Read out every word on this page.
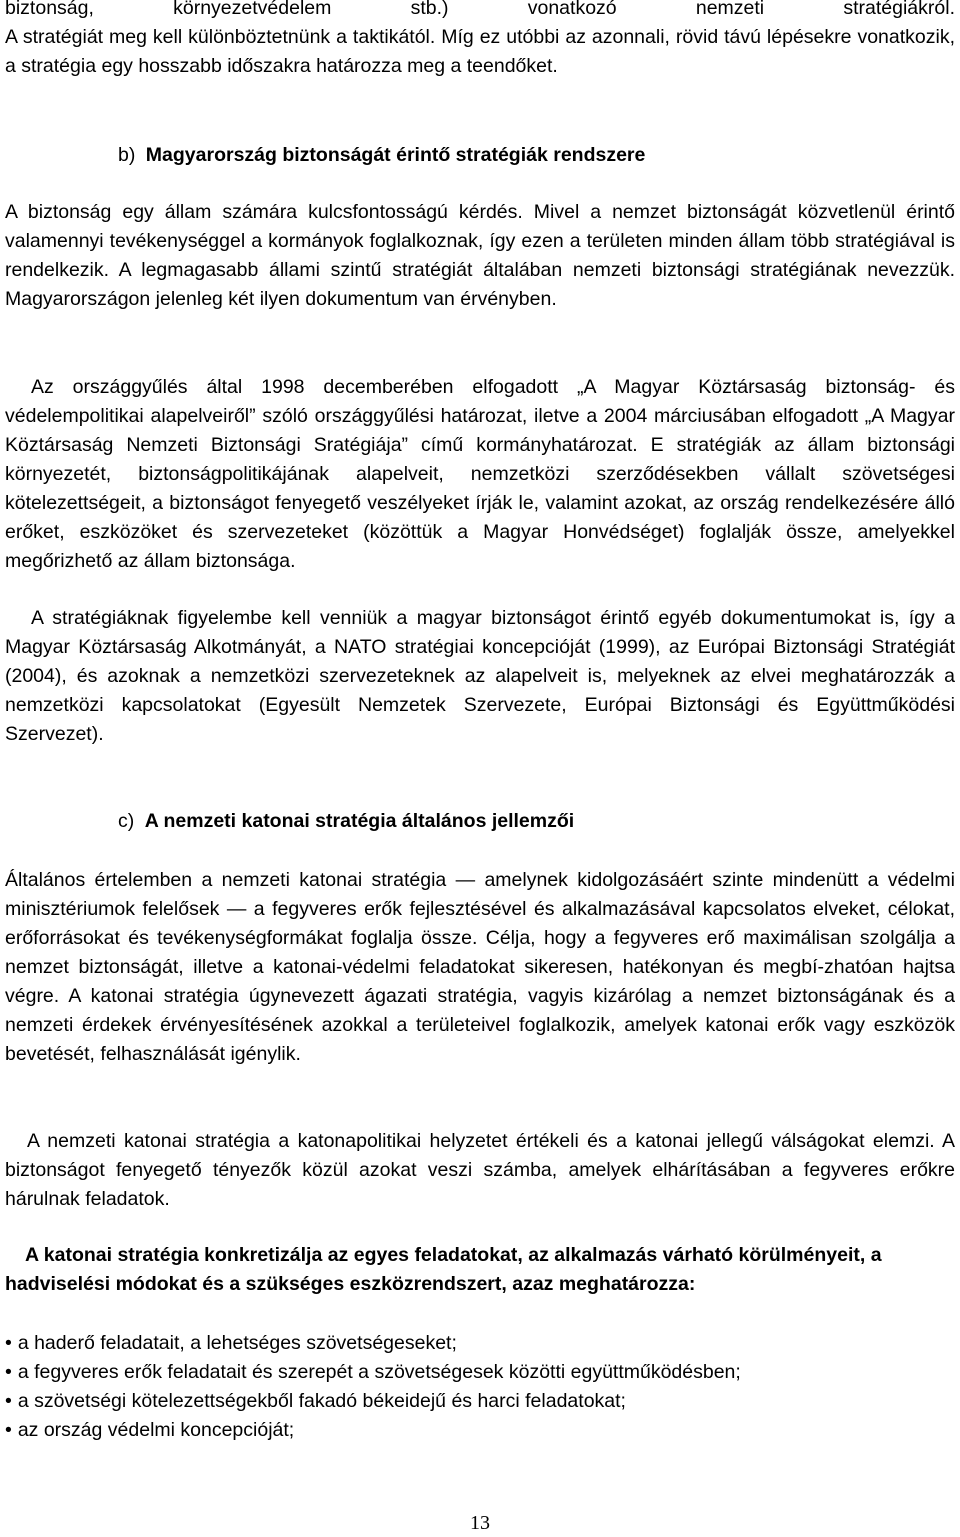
biztonság, környezetvédelem stb.) vonatkozó nemzeti stratégiákról.

A stratégiát meg kell különböztetnünk a taktikától. Míg ez utóbbi az azonnali, rövid távú lépésekre vonatkozik, a stratégia egy hosszabb időszakra határozza meg a teendőket.

b) Magyarország biztonságát érintő stratégiák rendszere

A biztonság egy állam számára kulcsfontosságú kérdés. Mivel a nemzet biztonságát közvetlenül érintő valamennyi tevékenységgel a kormányok foglalkoznak, így ezen a területen minden állam több stratégiával is rendelkezik. A legmagasabb állami szintű stratégiát általában nemzeti biztonsági stratégiának nevezzük. Magyarországon jelenleg két ilyen dokumentum van érvényben.

Az országgyűlés által 1998 decemberében elfogadott „A Magyar Köztársaság biztonság- és védelempolitikai alapelveiről” szóló országgyűlési határozat, iletve a 2004 márciusában elfogadott „A Magyar Köztársaság Nemzeti Biztonsági Sratégiája” című kormányhatározat. E stratégiák az állam biztonsági környezetét, biztonságpolitikájának alapelveit, nemzetközi szerződésekben vállalt szövetségesi kötelezettségeit, a biztonságot fenyegető veszélyeket írják le, valamint azokat, az ország rendelkezésére álló erőket, eszközöket és szervezeteket (közöttük a Magyar Honvédséget) foglalják össze, amelyekkel megőrizhető az állam biztonsága.

A stratégiáknak figyelembe kell venniük a magyar biztonságot érintő egyéb dokumentumokat is, így a Magyar Köztársaság Alkotmányát, a NATO stratégiai koncepcióját (1999), az Európai Biztonsági Stratégiát (2004), és azoknak a nemzetközi szervezeteknek az alapelveit is, melyeknek az elvei meghatározzák a nemzetközi kapcsolatokat (Egyesült Nemzetek Szervezete, Európai Biztonsági és Együttműködési Szervezet).

c) A nemzeti katonai stratégia általános jellemzői

Általános értelemben a nemzeti katonai stratégia — amelynek kidolgozásáért szinte mindenütt a védelmi minisztériumok felelősek — a fegyveres erők fejlesztésével és alkalmazásával kapcsolatos elveket, célokat, erőforrásokat és tevékenységformákat foglalja össze. Célja, hogy a fegyveres erő maximálisan szolgálja a nemzet biztonságát, illetve a katonai-védelmi feladatokat sikeresen, hatékonyan és megbí-zhatóan hajtsa végre. A katonai stratégia úgynevezett ágazati stratégia, vagyis kizárólag a nemzet biztonságának és a nemzeti érdekek érvényesítésének azokkal a területeivel foglalkozik, amelyek katonai erők vagy eszközök bevetését, felhasználását igénylik.

A nemzeti katonai stratégia a katonapolitikai helyzetet értékeli és a katonai jellegű válságokat elemzi. A biztonságot fenyegető tényezők közül azokat veszi számba, amelyek elhárításában a fegyveres erőkre hárulnak feladatok.

A katonai stratégia konkretizálja az egyes feladatokat, az alkalmazás várható körülményeit, a hadviselési módokat és a szükséges eszközrendszert, azaz meghatározza:

• a haderő feladatait, a lehetséges szövetségeseket;
• a fegyveres erők feladatait és szerepét a szövetségesek közötti együttműködésben;
• a szövetségi kötelezettségekből fakadó békeidejű és harci feladatokat;
• az ország védelmi koncepcióját;
13
